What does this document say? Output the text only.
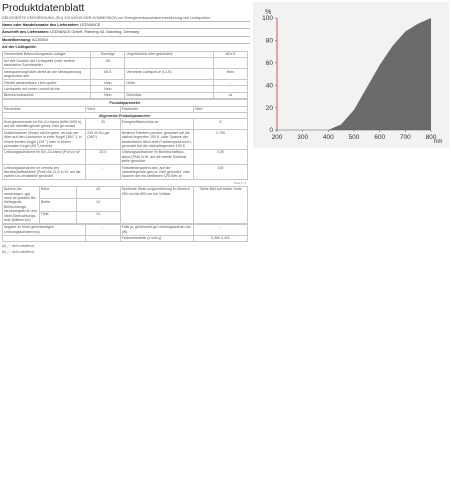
Produktdatenblatt
DELEGIERTE VERORDNUNG (EU) 2019/2015 DER KOMMISSION zur Energieverbrauchskennzeichnung von Lichtquellen
Name oder Handelsmarke des Lieferanten: LEDVANCE
Anschrift des Lieferanten: LEDVANCE GmbH, Parkring 33, Garching, Germany
Modellkennung: AC35304
Art der Lichtquelle:
Verwendete Beleuchtungstech-nologie:	Sonstige	Ungebündelt oder gebündelt:	NDLS
Art des Sockels der Lichtquelle (oder andere elektrische Schnittstelle)	G9		
Netzspannung/Nicht direkt an die Netzspannung angeschlos-sen:	MLS	Vernetzte Lichtquel-le (CLS):	Nein
Partiell abstimmbare Licht-quelle:	Nein	Hülle:	-
Lichtquelle mit hoher Leucht-dichte	Nein		
Blendschutzschild:	Nein	Dimmbar:	Ja
Produktparameter			
Parameter	Wert	Parameter	Wert
Allgemeine Produktparameter:			
Energieverbrauch im Ein-Zu-stand (kWh/1000 h), auf die nächstliegende ganze Zahl ge-rundet	20	Energieeffizienzklas-se	G
Nutzlichtstrom (Φuse) mit An-gabe, ob sich der Wert auf den Lichtstrom in einer Kugel (360 °), in einem breiten Kegel (120 °) oder in einem schmalen Kegel (90 °) bezieht	235 lm Ku-gel (360°)	ähnliche Farbtem-peratur, gerundet auf die nächst-liegenden 100 K, oder Spanne der einstellbaren ähnli-chen Farbtempera-turen, gerundet auf die nächstliegenden 100 K	2 700
Leistungsaufnahme im Ein-Zu-stand (Pon) in W	20,0	Leistungsaufnahme im Bereitschaftszu-stand (Psb) in W, auf die zweite Dezimal-stelle gerundet	0,00
Leistungsaufnahme im vernetz-ten Bereitschaftsbetrieb (Pnet) für CLS in W, auf die zweite De-zimalstelle gerundet	-	Farbwiedergabeín-dex, auf die nächstliegende gan-ze Zahl gerundet, oder Spanne der ein-stellbaren CRI-Wer-te	100
Seite 1 / 1			
Äußere Ab-messungen, ggf. ohne se-parates Be-triebsgerät, Beleuchtungs-steuerungstei-le und Nicht-Beleuchtungs-teile (Millime-ter)	Höhe	43	Spektrale Strah-lungsverteilung im Bereich 250 nm bis 800 nm bei Volllast	Siehe Bild auf letzter Seite
	Breite	14		
	Tiefe	14		
Angabe zu einer gleichwertigen Leistungsaufnahme(a)	-	Falls ja, gleichwerti-ge Leistungsaufnah-me (W)	-
		Farbwertanteile (x und y)	0,460 0,411
(a) „-“: nicht zutreffend;
(b) „-“: nicht zutreffend;
%
nm
0
20
40
60
80
100
200 300 400 500 600 700 800
